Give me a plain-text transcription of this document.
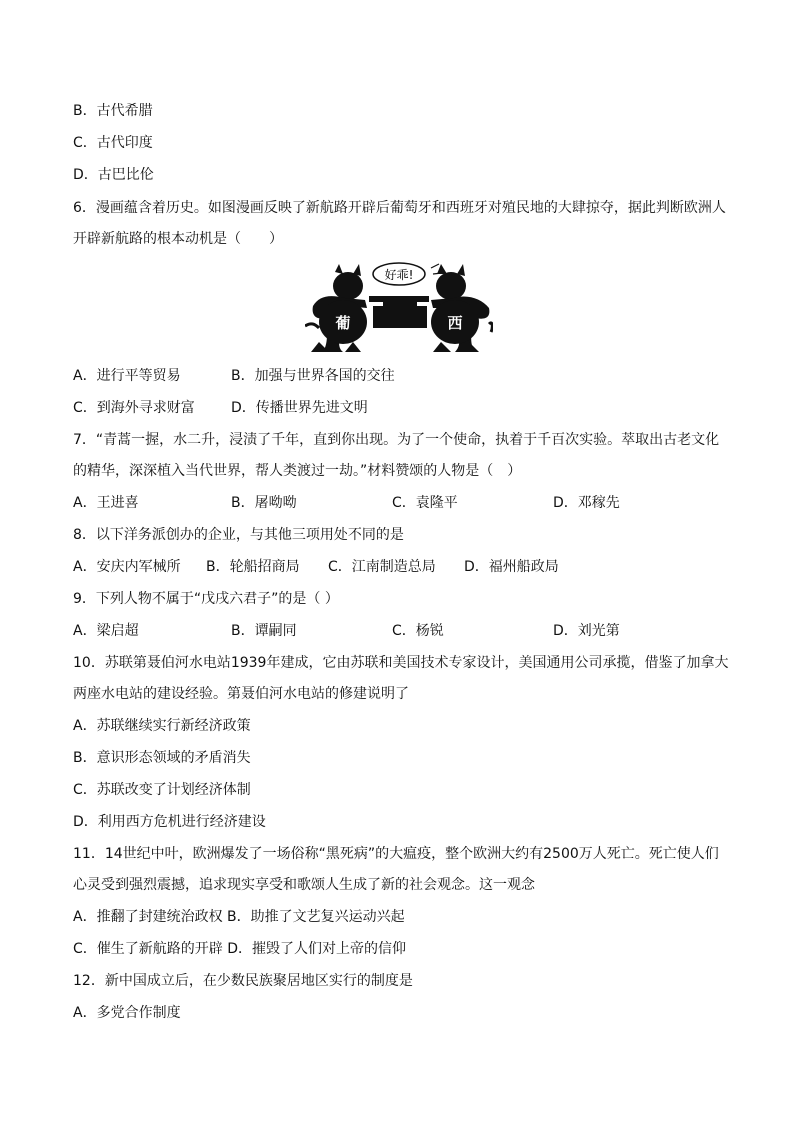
B．古代希腊
C．古代印度
D．古巴比伦
6．漫画蕴含着历史。如图漫画反映了新航路开辟后葡萄牙和西班牙对殖民地的大肆掠夺，据此判断欧洲人
开辟新航路的根本动机是（　　）
好乖!
葡	西
A．进行平等贸易	B．加强与世界各国的交往
C．到海外寻求财富	D．传播世界先进文明
7．“青蒿一握，水二升，浸渍了千年，直到你出现。为了一个使命，执着于千百次实验。萃取出古老文化
的精华，深深植入当代世界，帮人类渡过一劫。”材料赞颂的人物是（　）
A．王进喜	B．屠呦呦	C．袁隆平	D．邓稼先
8．以下洋务派创办的企业，与其他三项用处不同的是
A．安庆内军械所 B．轮船招商局 C．江南制造总局 D．福州船政局
9．下列人物不属于“戊戌六君子”的是（ ）
A．梁启超	B．谭嗣同	C．杨锐	D．刘光第
10．苏联第聂伯河水电站1939年建成，它由苏联和美国技术专家设计，美国通用公司承揽，借鉴了加拿大
两座水电站的建设经验。第聂伯河水电站的修建说明了
A．苏联继续实行新经济政策
B．意识形态领域的矛盾消失
C．苏联改变了计划经济体制
D．利用西方危机进行经济建设
11．14世纪中叶，欧洲爆发了一场俗称“黑死病”的大瘟疫，整个欧洲大约有2500万人死亡。死亡使人们
心灵受到强烈震撼，追求现实享受和歌颂人生成了新的社会观念。这一观念
A．推翻了封建统治政权 B．助推了文艺复兴运动兴起
C．催生了新航路的开辟 D．摧毁了人们对上帝的信仰
12．新中国成立后，在少数民族聚居地区实行的制度是
A．多党合作制度
